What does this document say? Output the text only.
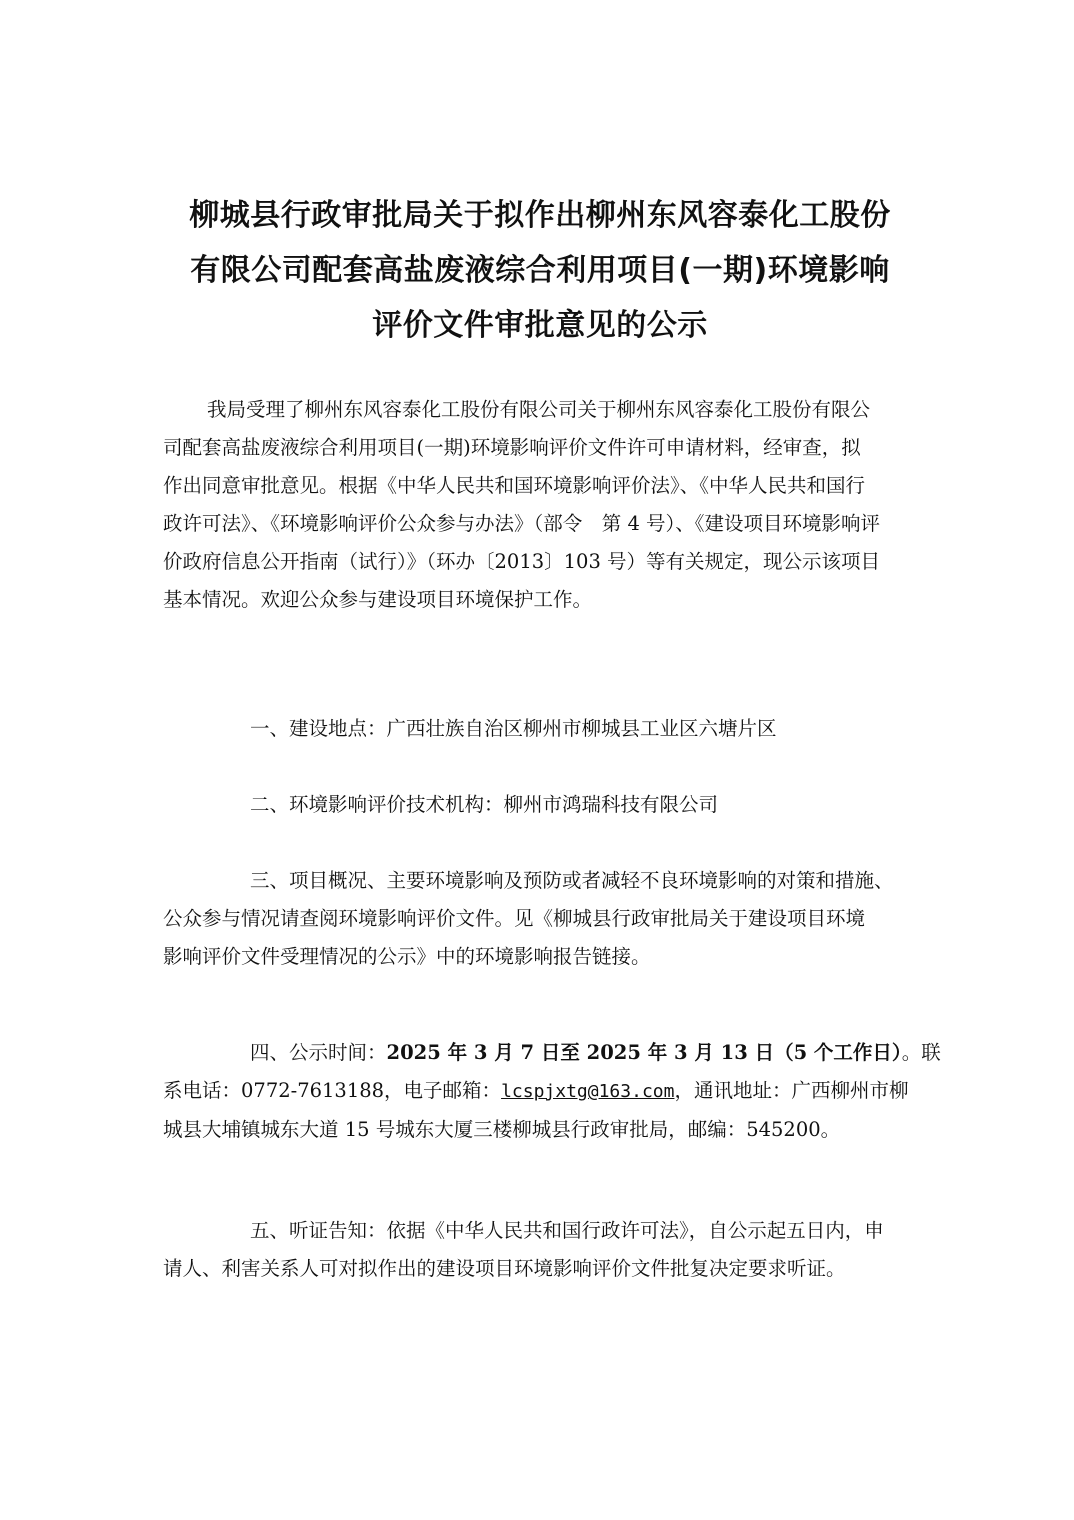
柳城县行政审批局关于拟作出柳州东风容泰化工股份
有限公司配套高盐废液综合利用项目(一期)环境影响
评价文件审批意见的公示
我局受理了柳州东风容泰化工股份有限公司关于柳州东风容泰化工股份有限公
司配套高盐废液综合利用项目(一期)环境影响评价文件许可申请材料，经审查，拟
作出同意审批意见。根据《中华人民共和国环境影响评价法》、《中华人民共和国行
政许可法》、《环境影响评价公众参与办法》（部令　第 4 号）、《建设项目环境影响评
价政府信息公开指南（试行）》（环办〔2013〕103 号）等有关规定，现公示该项目
基本情况。欢迎公众参与建设项目环境保护工作。
一、建设地点：广西壮族自治区柳州市柳城县工业区六塘片区
二、环境影响评价技术机构：柳州市鸿瑞科技有限公司
三、项目概况、主要环境影响及预防或者减轻不良环境影响的对策和措施、
公众参与情况请查阅环境影响评价文件。见《柳城县行政审批局关于建设项目环境
影响评价文件受理情况的公示》中的环境影响报告链接。
四、公示时间：2025 年 3 月 7 日至 2025 年 3 月 13 日（5 个工作日）。联
系电话：0772-7613188，电子邮箱：lcspjxtg@163.com，通讯地址：广西柳州市柳
城县大埔镇城东大道 15 号城东大厦三楼柳城县行政审批局，邮编：545200。
五、听证告知：依据《中华人民共和国行政许可法》，自公示起五日内，申
请人、利害关系人可对拟作出的建设项目环境影响评价文件批复决定要求听证。
